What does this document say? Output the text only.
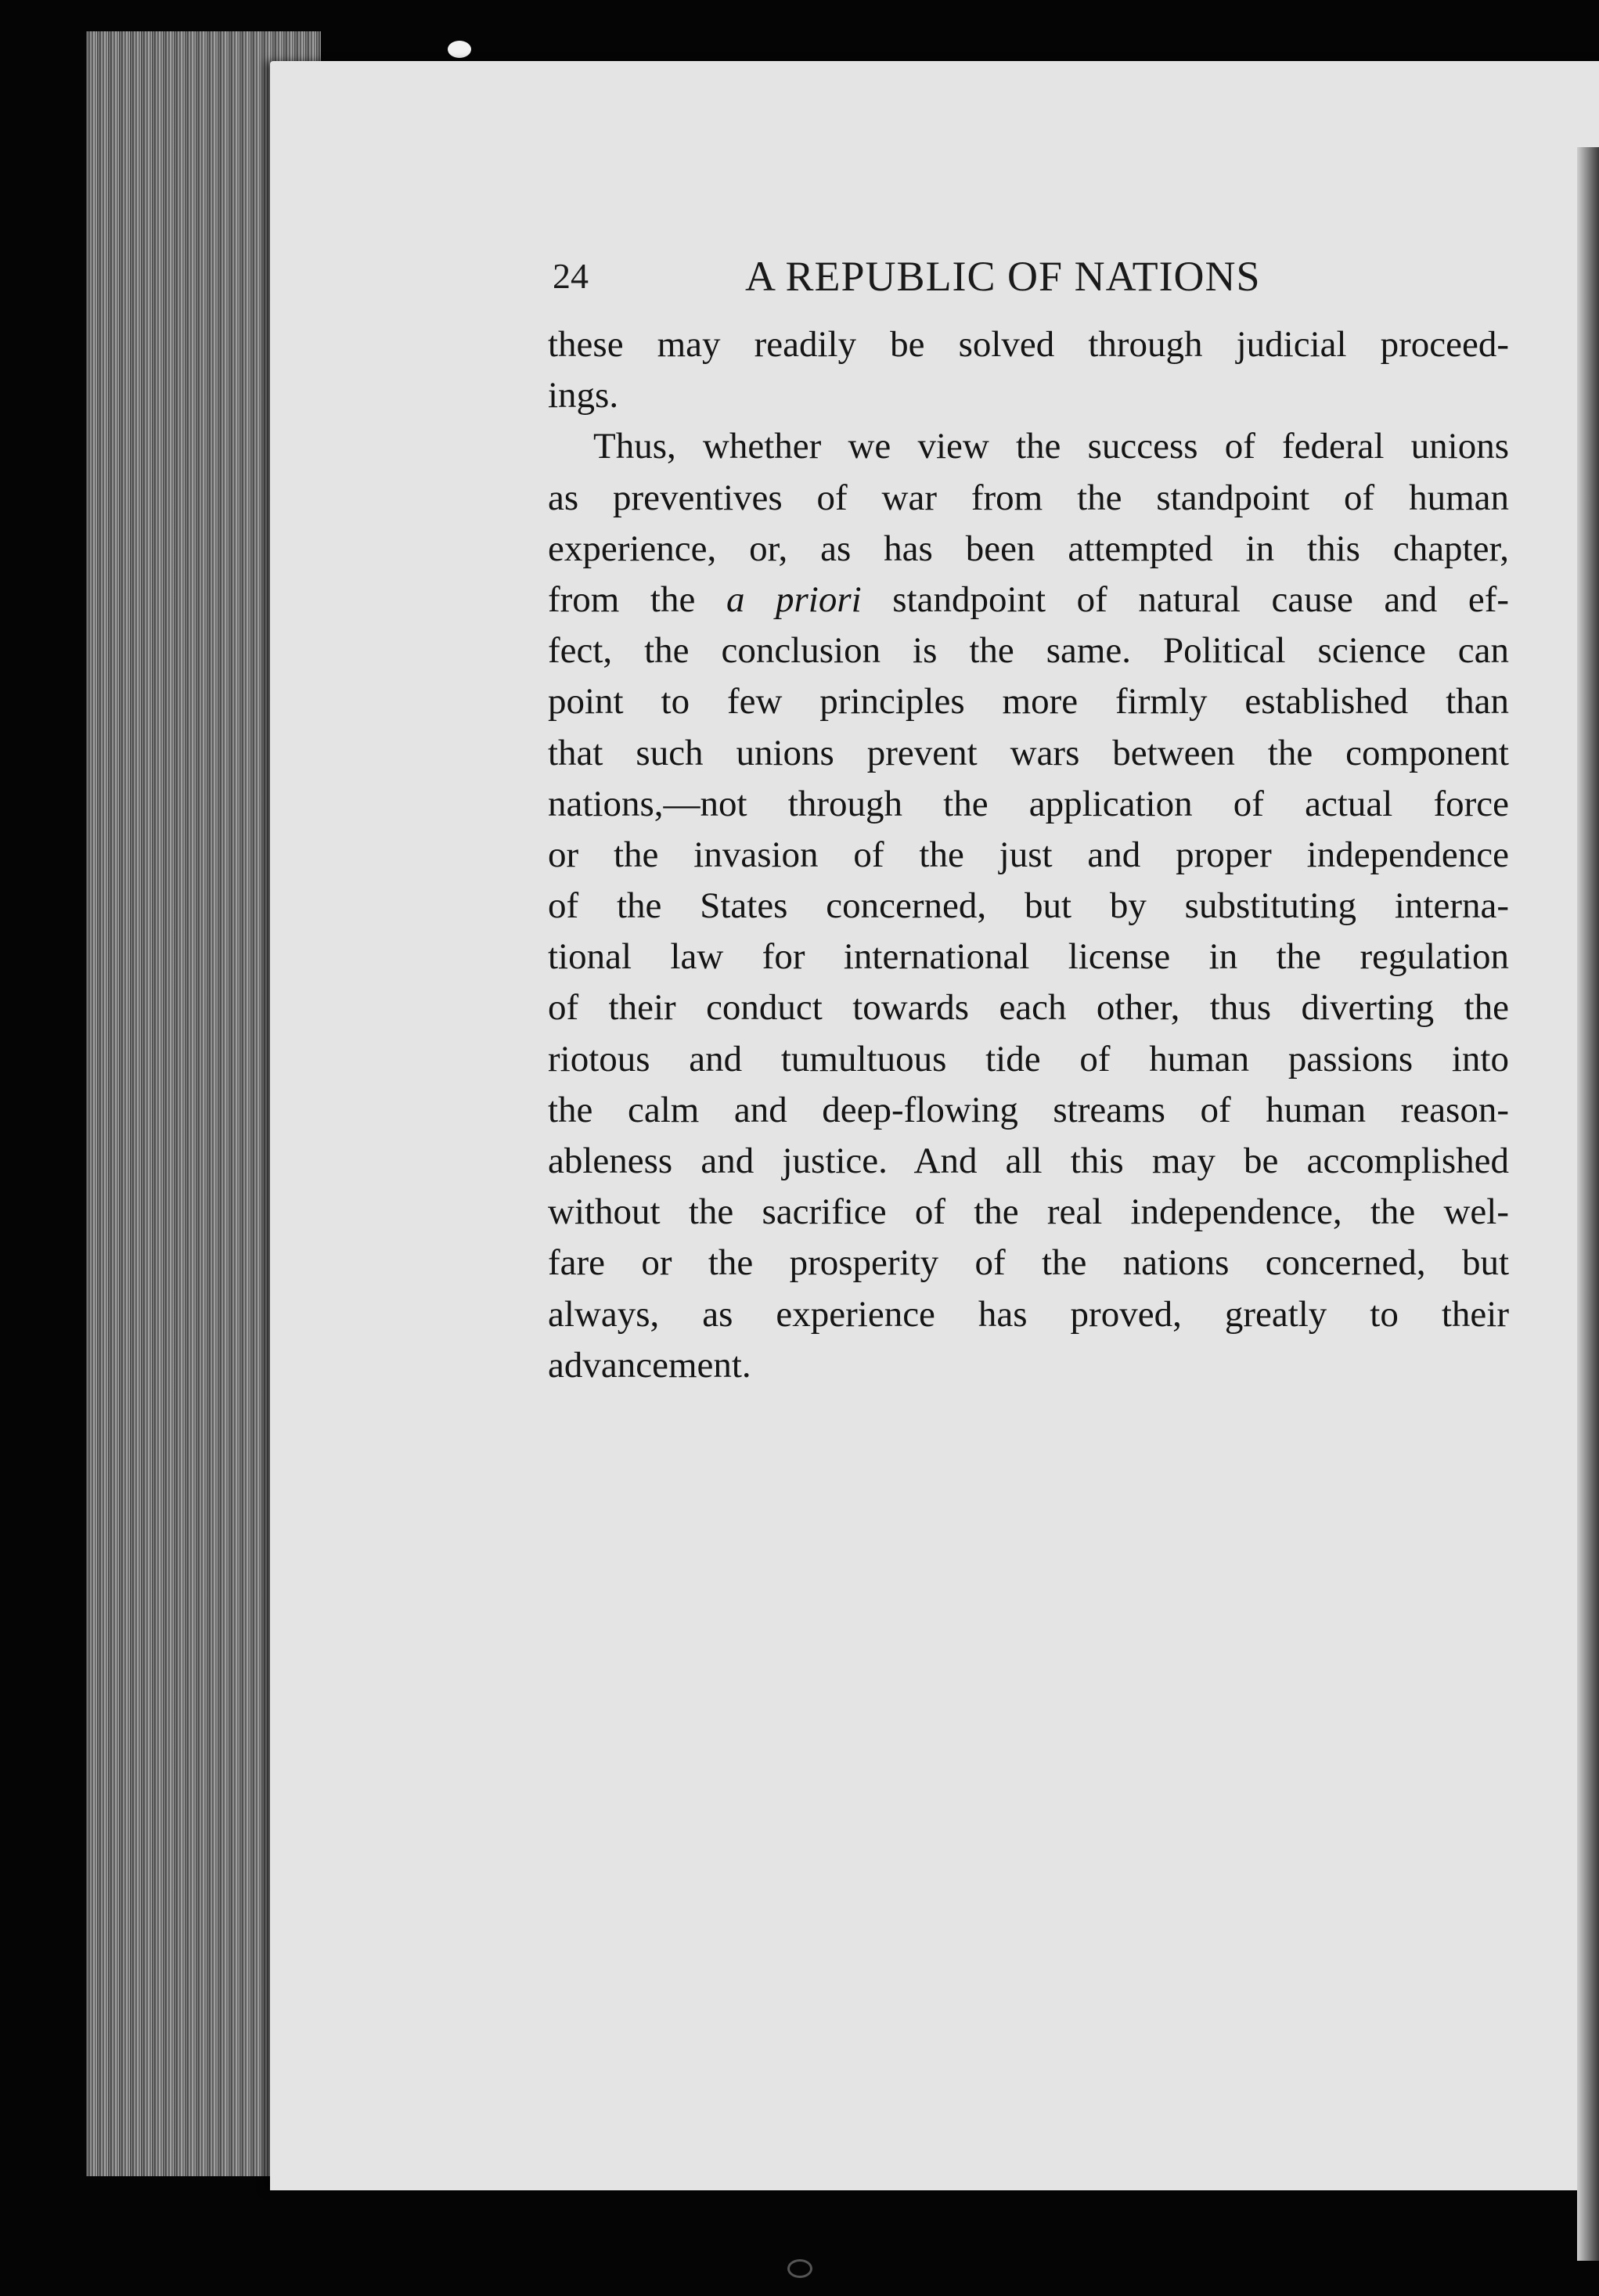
24	A REPUBLIC OF NATIONS
these may readily be solved through judicial proceed-
ings.
Thus, whether we view the success of federal unions
as preventives of war from the standpoint of human
experience, or, as has been attempted in this chapter,
from the a priori standpoint of natural cause and ef-
fect, the conclusion is the same. Political science can
point to few principles more firmly established than
that such unions prevent wars between the component
nations,—not through the application of actual force
or the invasion of the just and proper independence
of the States concerned, but by substituting interna-
tional law for international license in the regulation
of their conduct towards each other, thus diverting the
riotous and tumultuous tide of human passions into
the calm and deep-flowing streams of human reason-
ableness and justice. And all this may be accomplished
without the sacrifice of the real independence, the wel-
fare or the prosperity of the nations concerned, but
always, as experience has proved, greatly to their
advancement.
